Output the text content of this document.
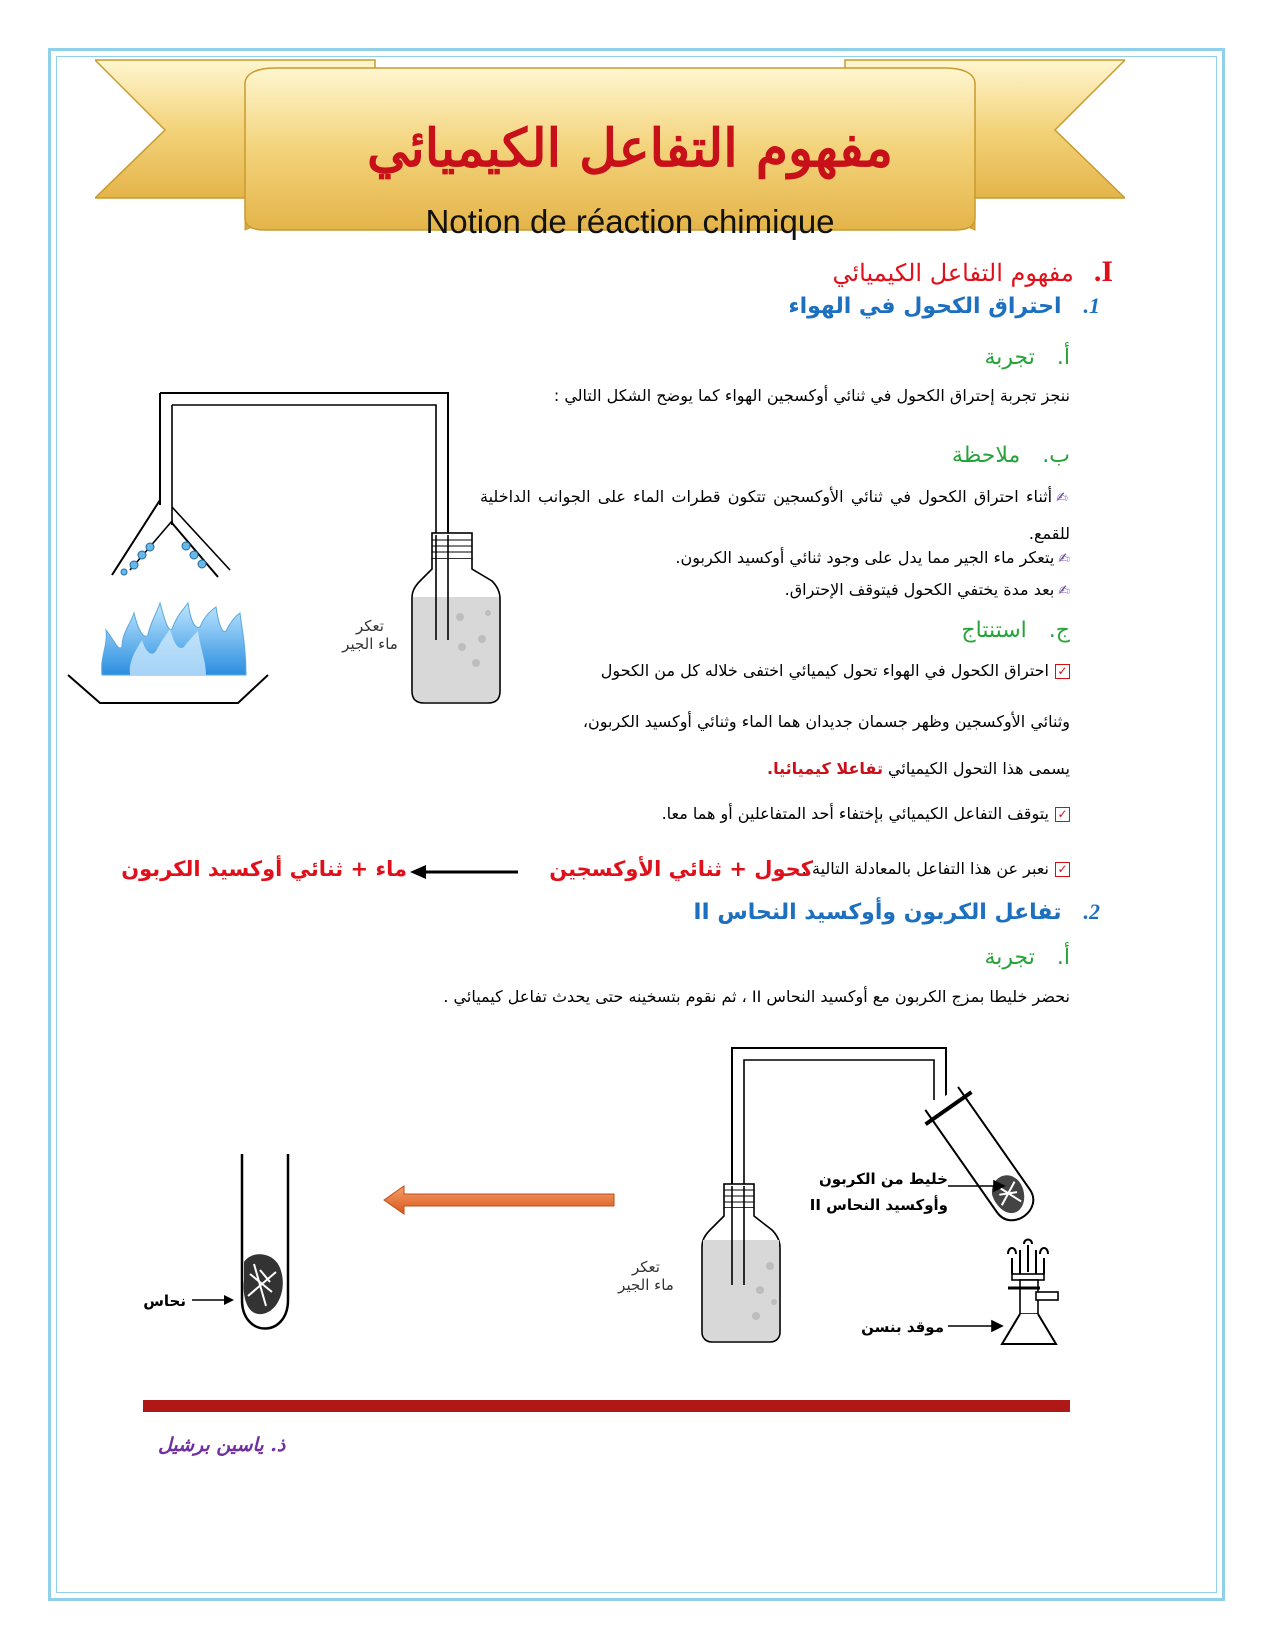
مفهوم التفاعل الكيميائي
Notion de réaction chimique
I.مفهوم التفاعل الكيميائي
1.احتراق الكحول في الهواء
أ.تجربة
ننجز تجربة إحتراق الكحول في ثنائي أوكسجين الهواء كما يوضح الشكل التالي :
ب.ملاحظة
✍أثناء احتراق الكحول في ثنائي الأوكسجين تتكون قطرات الماء على الجوانب الداخلية للقمع.
✍يتعكر ماء الجير مما يدل على وجود ثنائي أوكسيد الكربون.
✍بعد مدة يختفي الكحول فيتوقف الإحتراق.
ج.استنتاج
✓احتراق الكحول في الهواء تحول كيميائي اختفى خلاله كل من الكحول
وثنائي الأوكسجين وظهر جسمان جديدان هما الماء وثنائي أوكسيد الكربون،
يسمى هذا التحول الكيميائي تفاعلا كيميائيا.
✓يتوقف التفاعل الكيميائي بإختفاء أحد المتفاعلين أو هما معا.
✓نعبر عن هذا التفاعل بالمعادلة التالية :
كحول + ثنائي الأوكسجين
ماء + ثنائي أوكسيد الكربون
2.تفاعل الكربون وأوكسيد النحاس II
أ.تجربة
نحضر خليطا بمزج الكربون مع أوكسيد النحاس II ، ثم نقوم بتسخينه حتى يحدث تفاعل كيميائي .
تعكر
ماء الجير
تعكر
ماء الجير
خليط من الكربون
وأوكسيد النحاس II
موقد بنسن
نحاس
ذ. ياسين برشيل
